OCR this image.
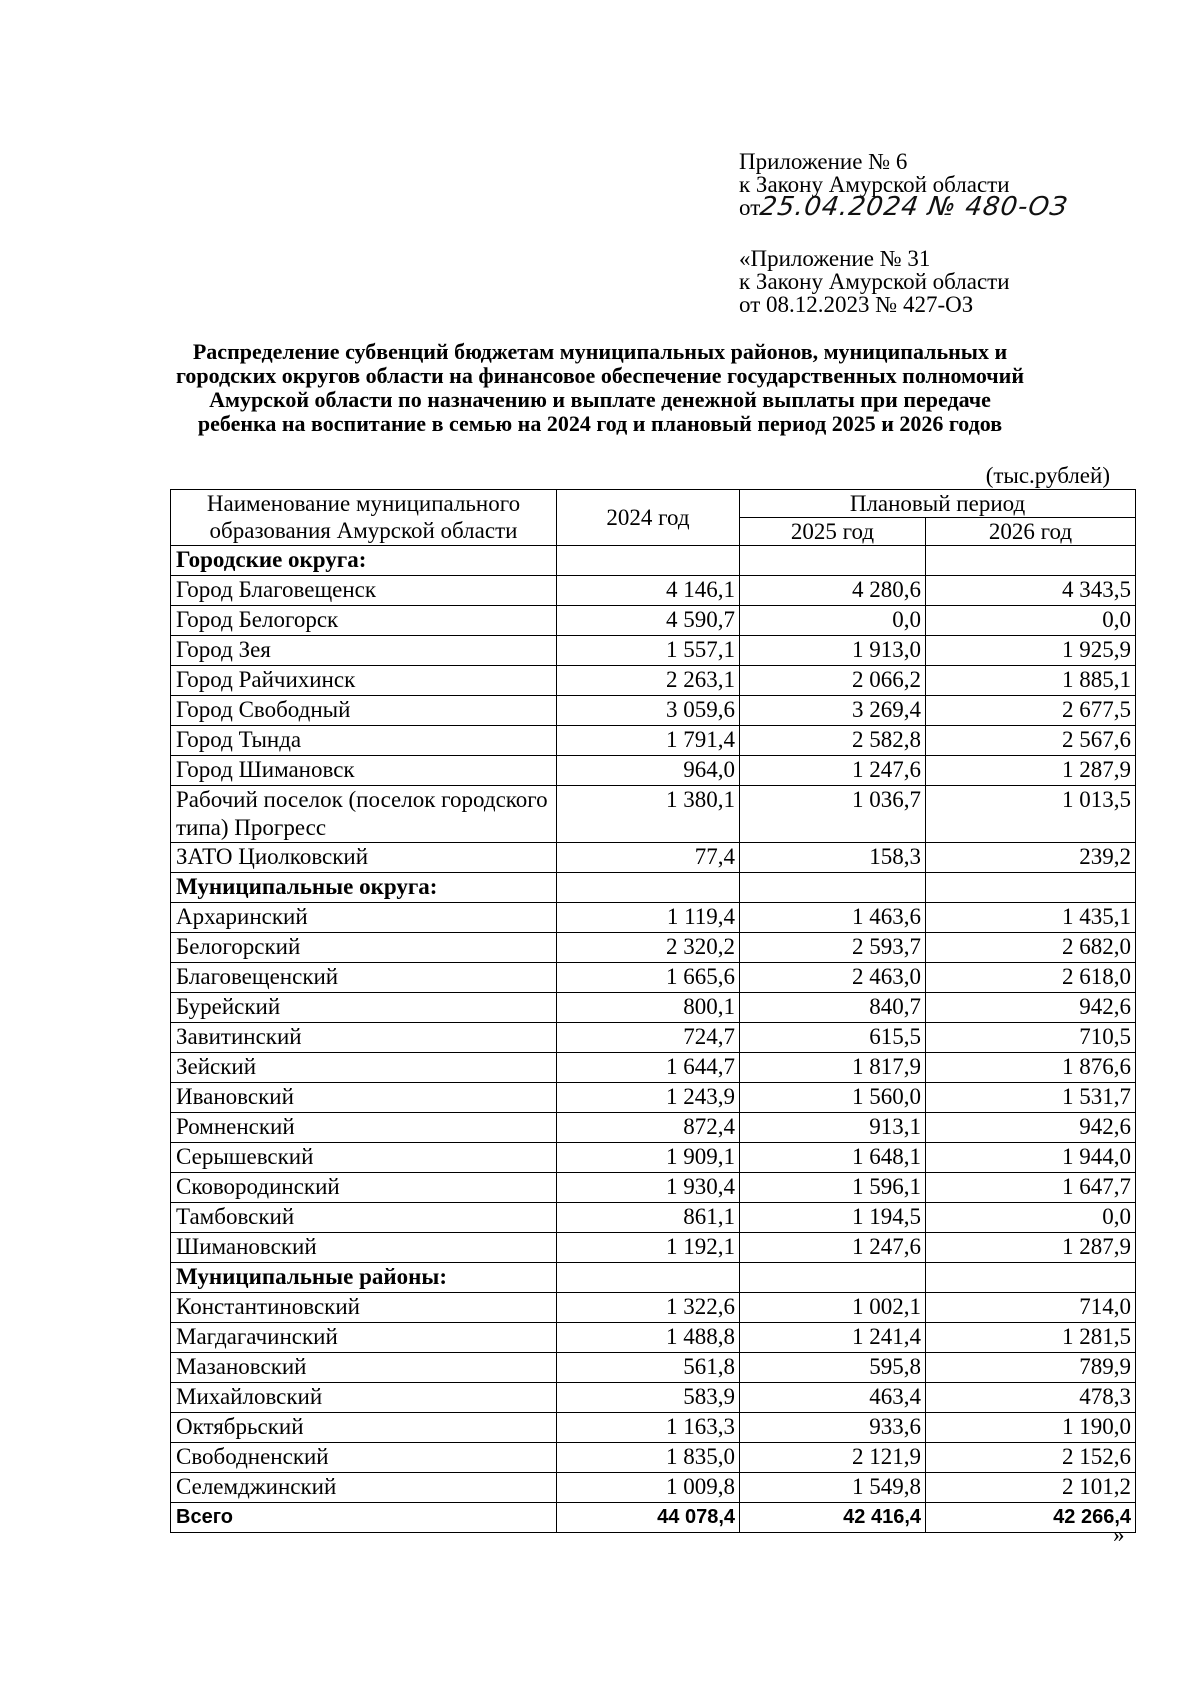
Приложение № 6
к Закону Амурской области
от25.04.2024 № 480-ОЗ
«Приложение № 31
к Закону Амурской области
от 08.12.2023 № 427-ОЗ
Распределение субвенций бюджетам муниципальных районов, муниципальных и
городских округов области на финансовое обеспечение государственных полномочий
Амурской области по назначению и выплате денежной выплаты при передаче
ребенка на воспитание в семью на 2024 год и плановый период 2025 и 2026 годов
(тыс.рублей)
Наименование муниципального образования Амурской области	2024 год	Плановый период	
		2025 год	2026 год
Городские округа:			
Город Благовещенск	4 146,1	4 280,6	4 343,5
Город Белогорск	4 590,7	0,0	0,0
Город Зея	1 557,1	1 913,0	1 925,9
Город Райчихинск	2 263,1	2 066,2	1 885,1
Город Свободный	3 059,6	3 269,4	2 677,5
Город Тында	1 791,4	2 582,8	2 567,6
Город Шимановск	964,0	1 247,6	1 287,9
Рабочий поселок (поселок городского типа) Прогресс	1 380,1	1 036,7	1 013,5
ЗАТО Циолковский	77,4	158,3	239,2
Муниципальные округа:			
Архаринский	1 119,4	1 463,6	1 435,1
Белогорский	2 320,2	2 593,7	2 682,0
Благовещенский	1 665,6	2 463,0	2 618,0
Бурейский	800,1	840,7	942,6
Завитинский	724,7	615,5	710,5
Зейский	1 644,7	1 817,9	1 876,6
Ивановский	1 243,9	1 560,0	1 531,7
Ромненский	872,4	913,1	942,6
Серышевский	1 909,1	1 648,1	1 944,0
Сковородинский	1 930,4	1 596,1	1 647,7
Тамбовский	861,1	1 194,5	0,0
Шимановский	1 192,1	1 247,6	1 287,9
Муниципальные районы:			
Константиновский	1 322,6	1 002,1	714,0
Магдагачинский	1 488,8	1 241,4	1 281,5
Мазановский	561,8	595,8	789,9
Михайловский	583,9	463,4	478,3
Октябрьский	1 163,3	933,6	1 190,0
Свободненский	1 835,0	2 121,9	2 152,6
Селемджинский	1 009,8	1 549,8	2 101,2
Всего	44 078,4	42 416,4	42 266,4
»
